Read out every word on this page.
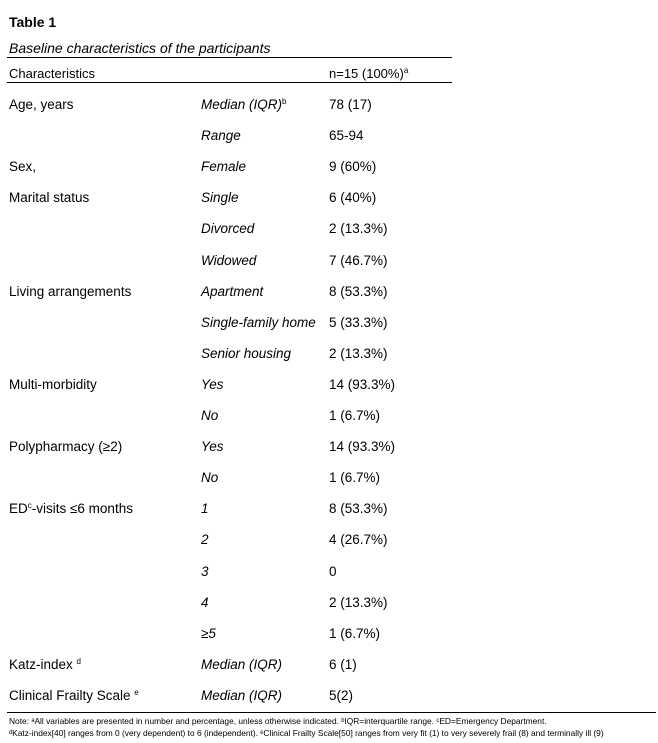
Table 1
Baseline characteristics of the participants
Characteristics	n=15 $(100\%)^a$
Age, years	Median (IQR)$^b$	78 (17)
Range	65-94
Sex,	Female	9 (60%)
Marital status	Single	6 (40%)
Divorced	2 (13.3%)
Widowed	7 (46.7%)
Living arrangements	Apartment	8 (53.3%)
Single-family home 5 (33.3%)
Senior housing	2 (13.3%)
Multi-morbidity	Yes	14 (93.3%)
No	1 (6.7%)
Polypharmacy (≥2)	Yes	14 (93.3%)
No	1 (6.7%)
$ED^c$-visits ≤6 months	1	8 (53.3%)
2	4 (26.7%)
3	0
4	2 (13.3%)
≥5	1 (6.7%)
Katz-index $^d$	Median (IQR)	6 (1)
Clinical Frailty Scale $^e$	Median (IQR)	5(2)
Note: ᵃAll variables are presented in number and percentage, unless otherwise indicated. ᵇIQR=interquartile range. ᶜED=Emergency Department.
ᵈKatz-index[40] ranges from 0 (very dependent) to 6 (independent). ᵉClinical Frailty Scale[50] ranges from very fit (1) to very severely frail (8) and terminally ill (9)
